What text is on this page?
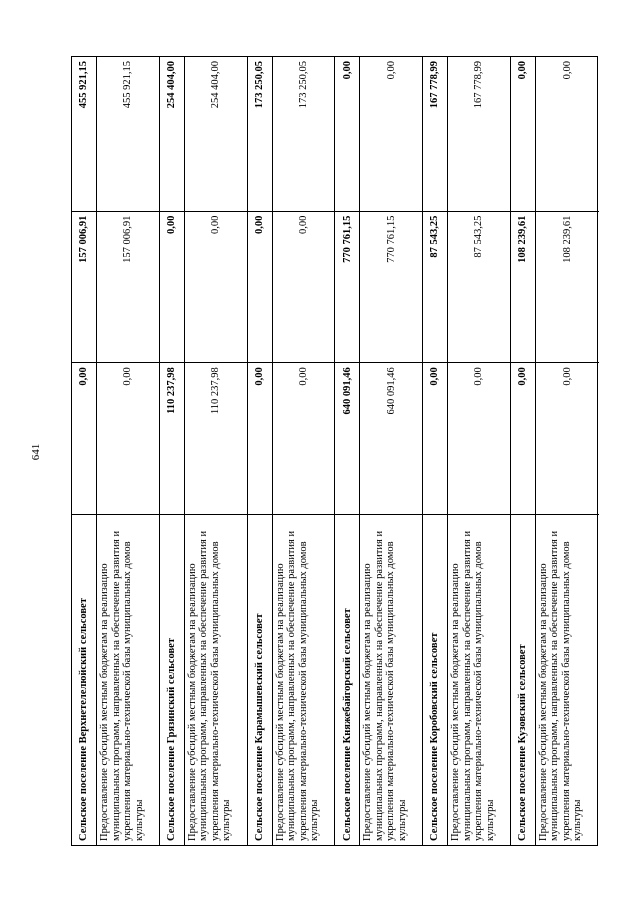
641
Сельское поселение Верхнетелелюйский сельсовет
0,00
157 006,91
455 921,15
Предоставление субсидий местным бюджетам на реализацию муниципальных программ, направленных на обеспечение развития и укрепления материально-технической базы муниципальных домов культуры
0,00
157 006,91
455 921,15
Сельское поселение Грязинский сельсовет
110 237,98
0,00
254 404,00
Предоставление субсидий местным бюджетам на реализацию муниципальных программ, направленных на обеспечение развития и укрепления материально-технической базы муниципальных домов культуры
110 237,98
0,00
254 404,00
Сельское поселение Карамышевский сельсовет
0,00
0,00
173 250,05
Предоставление субсидий местным бюджетам на реализацию муниципальных программ, направленных на обеспечение развития и укрепления материально-технической базы муниципальных домов культуры
0,00
0,00
173 250,05
Сельское поселение Княжебайгорский сельсовет
640 091,46
770 761,15
0,00
Предоставление субсидий местным бюджетам на реализацию муниципальных программ, направленных на обеспечение развития и укрепления материально-технической базы муниципальных домов культуры
640 091,46
770 761,15
0,00
Сельское поселение Коробовский сельсовет
0,00
87 543,25
167 778,99
Предоставление субсидий местным бюджетам на реализацию муниципальных программ, направленных на обеспечение развития и укрепления материально-технической базы муниципальных домов культуры
0,00
87 543,25
167 778,99
Сельское поселение Кузовский сельсовет
0,00
108 239,61
0,00
Предоставление субсидий местным бюджетам на реализацию муниципальных программ, направленных на обеспечение развития и укрепления материально-технической базы муниципальных домов культуры
0,00
108 239,61
0,00
